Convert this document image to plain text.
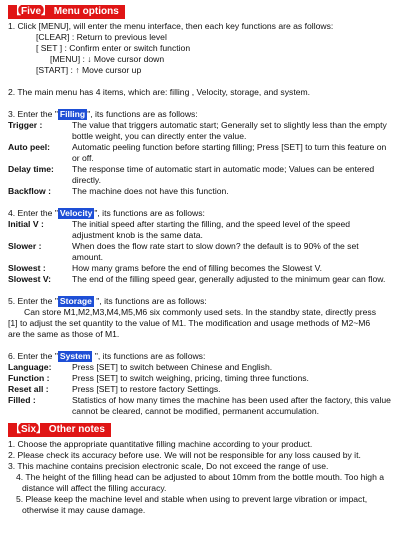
【Five】 Menu options
1. Click [MENU], will enter the menu interface, then each key functions are as follows:
[CLEAR] : Return to previous level
[ SET ] : Confirm enter or switch function
[MENU] : ↓ Move cursor down
[START] : ↑ Move cursor up
2. The main menu has 4 items, which are: filling , Velocity, storage, and system.
3. Enter the " Filling ", its functions are as follows:
Trigger :	The value that triggers automatic start; Generally set to slightly less than the empty bottle weight, you can directly enter the value.
Auto peel:	Automatic peeling function before starting filling; Press [SET] to turn this feature on or off.
Delay time:	The response time of automatic start in automatic mode; Values can be entered directly.
Backflow :	The machine does not have this function.
4. Enter the " Velocity ", its functions are as follows:
Initial V :	The initial speed after starting the filling, and the speed level of the speed adjustment knob is the same data.
Slower :	When does the flow rate start to slow down? the default is to 90% of the set amount.
Slowest :	How many grams before the end of filling becomes the Slowest V.
Slowest V:	The end of the filling speed gear, generally adjusted to the minimum gear can flow.
5. Enter the " Storage ", its functions are as follows:
Can store M1,M2,M3,M4,M5,M6 six commonly used sets. In the standby state, directly press
[1] to adjust the set quantity to the value of M1. The modification and usage methods of M2~M6
are the same as those of M1.
6. Enter the " System ", its functions are as follows:
Language:	Press [SET] to switch between Chinese and English.
Function :	Press [SET] to switch weighing, pricing, timing three functions.
Reset all :	Press [SET] to restore factory Settings.
Filled :	Statistics of how many times the machine has been used after the factory, this value cannot be cleared, cannot be modified, permanent accumulation.
【Six】 Other notes
1. Choose the appropriate quantitative filling machine according to your product.
2. Please check its accuracy before use. We will not be responsible for any loss caused by it.
3. This machine contains precision electronic scale, Do not exceed the range of use.
4. The height of the filling head can be adjusted to about 10mm from the bottle mouth. Too high a distance will affect the filling accuracy.
5. Please keep the machine level and stable when using to prevent large vibration or impact, otherwise it may cause damage.
